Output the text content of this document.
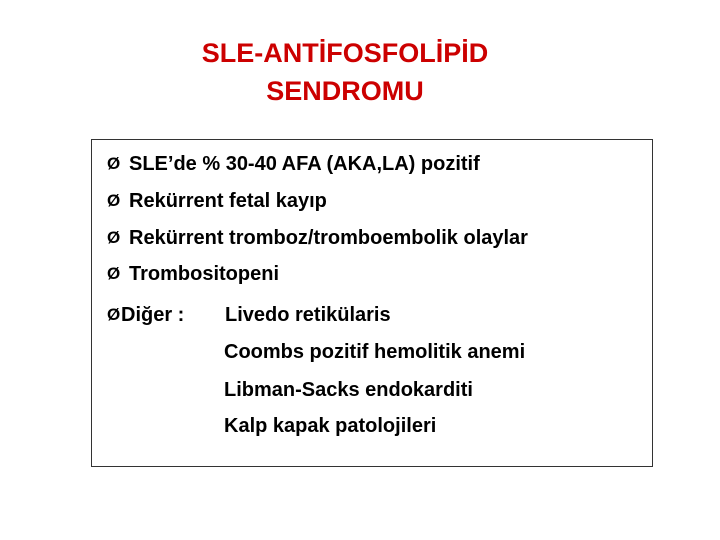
SLE-ANTİFOSFOLİPİD
SENDROMU
Ø SLE’de % 30-40 AFA (AKA,LA) pozitif
Ø Rekürrent fetal kayıp
Ø Rekürrent tromboz/tromboembolik olaylar
Ø Trombositopeni
ØDiğer : Livedo retikülaris
Coombs pozitif hemolitik anemi
Libman-Sacks endokarditi
Kalp kapak patolojileri
